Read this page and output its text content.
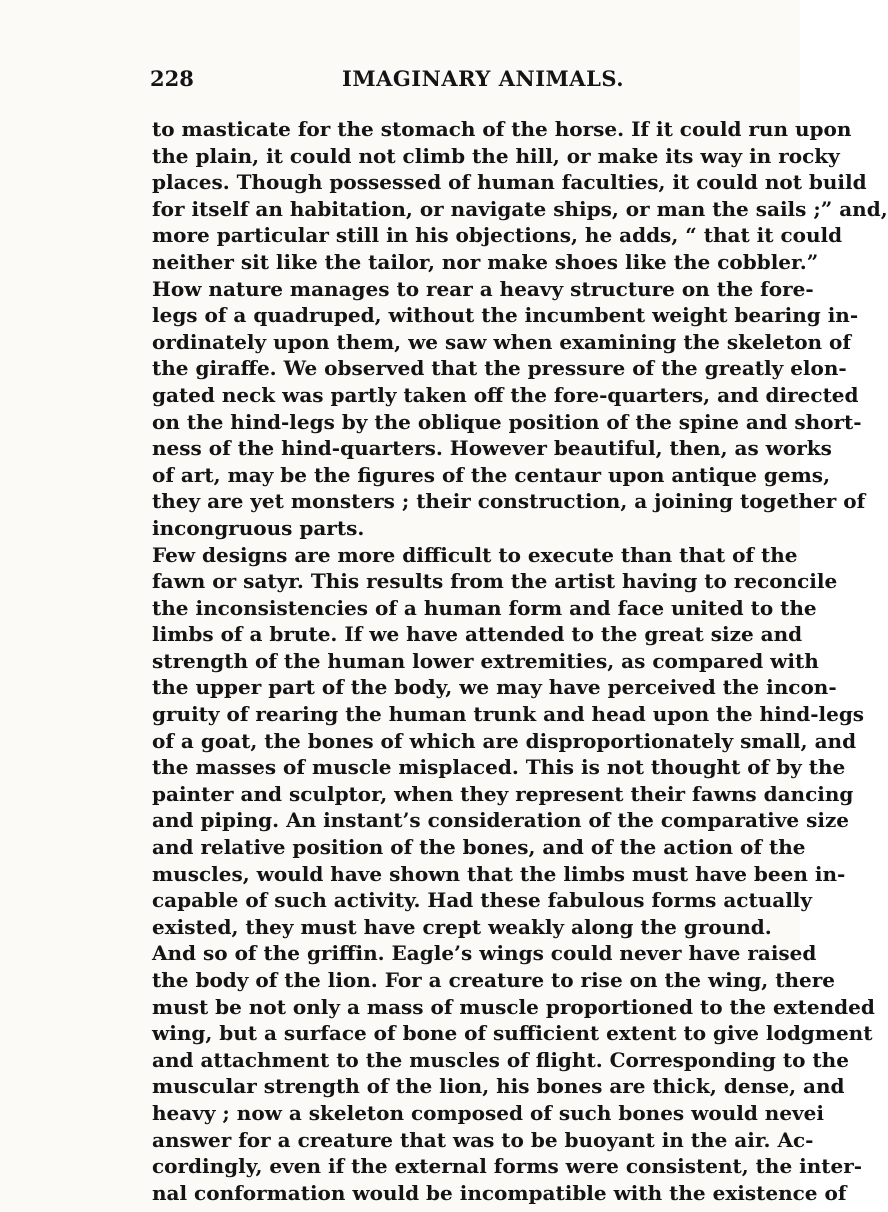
228	IMAGINARY ANIMALS.
to masticate for the stomach of the horse. If it could run upon
the plain, it could not climb the hill, or make its way in rocky
places. Though possessed of human faculties, it could not build
for itself an habitation, or navigate ships, or man the sails ;” and,
more particular still in his objections, he adds, “ that it could
neither sit like the tailor, nor make shoes like the cobbler.”
How nature manages to rear a heavy structure on the fore-
legs of a quadruped, without the incumbent weight bearing in-
ordinately upon them, we saw when examining the skeleton of
the giraffe. We observed that the pressure of the greatly elon-
gated neck was partly taken off the fore-quarters, and directed
on the hind-legs by the oblique position of the spine and short-
ness of the hind-quarters. However beautiful, then, as works
of art, may be the figures of the centaur upon antique gems,
they are yet monsters ; their construction, a joining together of
incongruous parts.
Few designs are more difficult to execute than that of the
fawn or satyr. This results from the artist having to reconcile
the inconsistencies of a human form and face united to the
limbs of a brute. If we have attended to the great size and
strength of the human lower extremities, as compared with
the upper part of the body, we may have perceived the incon-
gruity of rearing the human trunk and head upon the hind-legs
of a goat, the bones of which are disproportionately small, and
the masses of muscle misplaced. This is not thought of by the
painter and sculptor, when they represent their fawns dancing
and piping. An instant’s consideration of the comparative size
and relative position of the bones, and of the action of the
muscles, would have shown that the limbs must have been in-
capable of such activity. Had these fabulous forms actually
existed, they must have crept weakly along the ground.
And so of the griffin. Eagle’s wings could never have raised
the body of the lion. For a creature to rise on the wing, there
must be not only a mass of muscle proportioned to the extended
wing, but a surface of bone of sufficient extent to give lodgment
and attachment to the muscles of flight. Corresponding to the
muscular strength of the lion, his bones are thick, dense, and
heavy ; now a skeleton composed of such bones would nevei
answer for a creature that was to be buoyant in the air. Ac-
cordingly, even if the external forms were consistent, the inter-
nal conformation would be incompatible with the existence of
